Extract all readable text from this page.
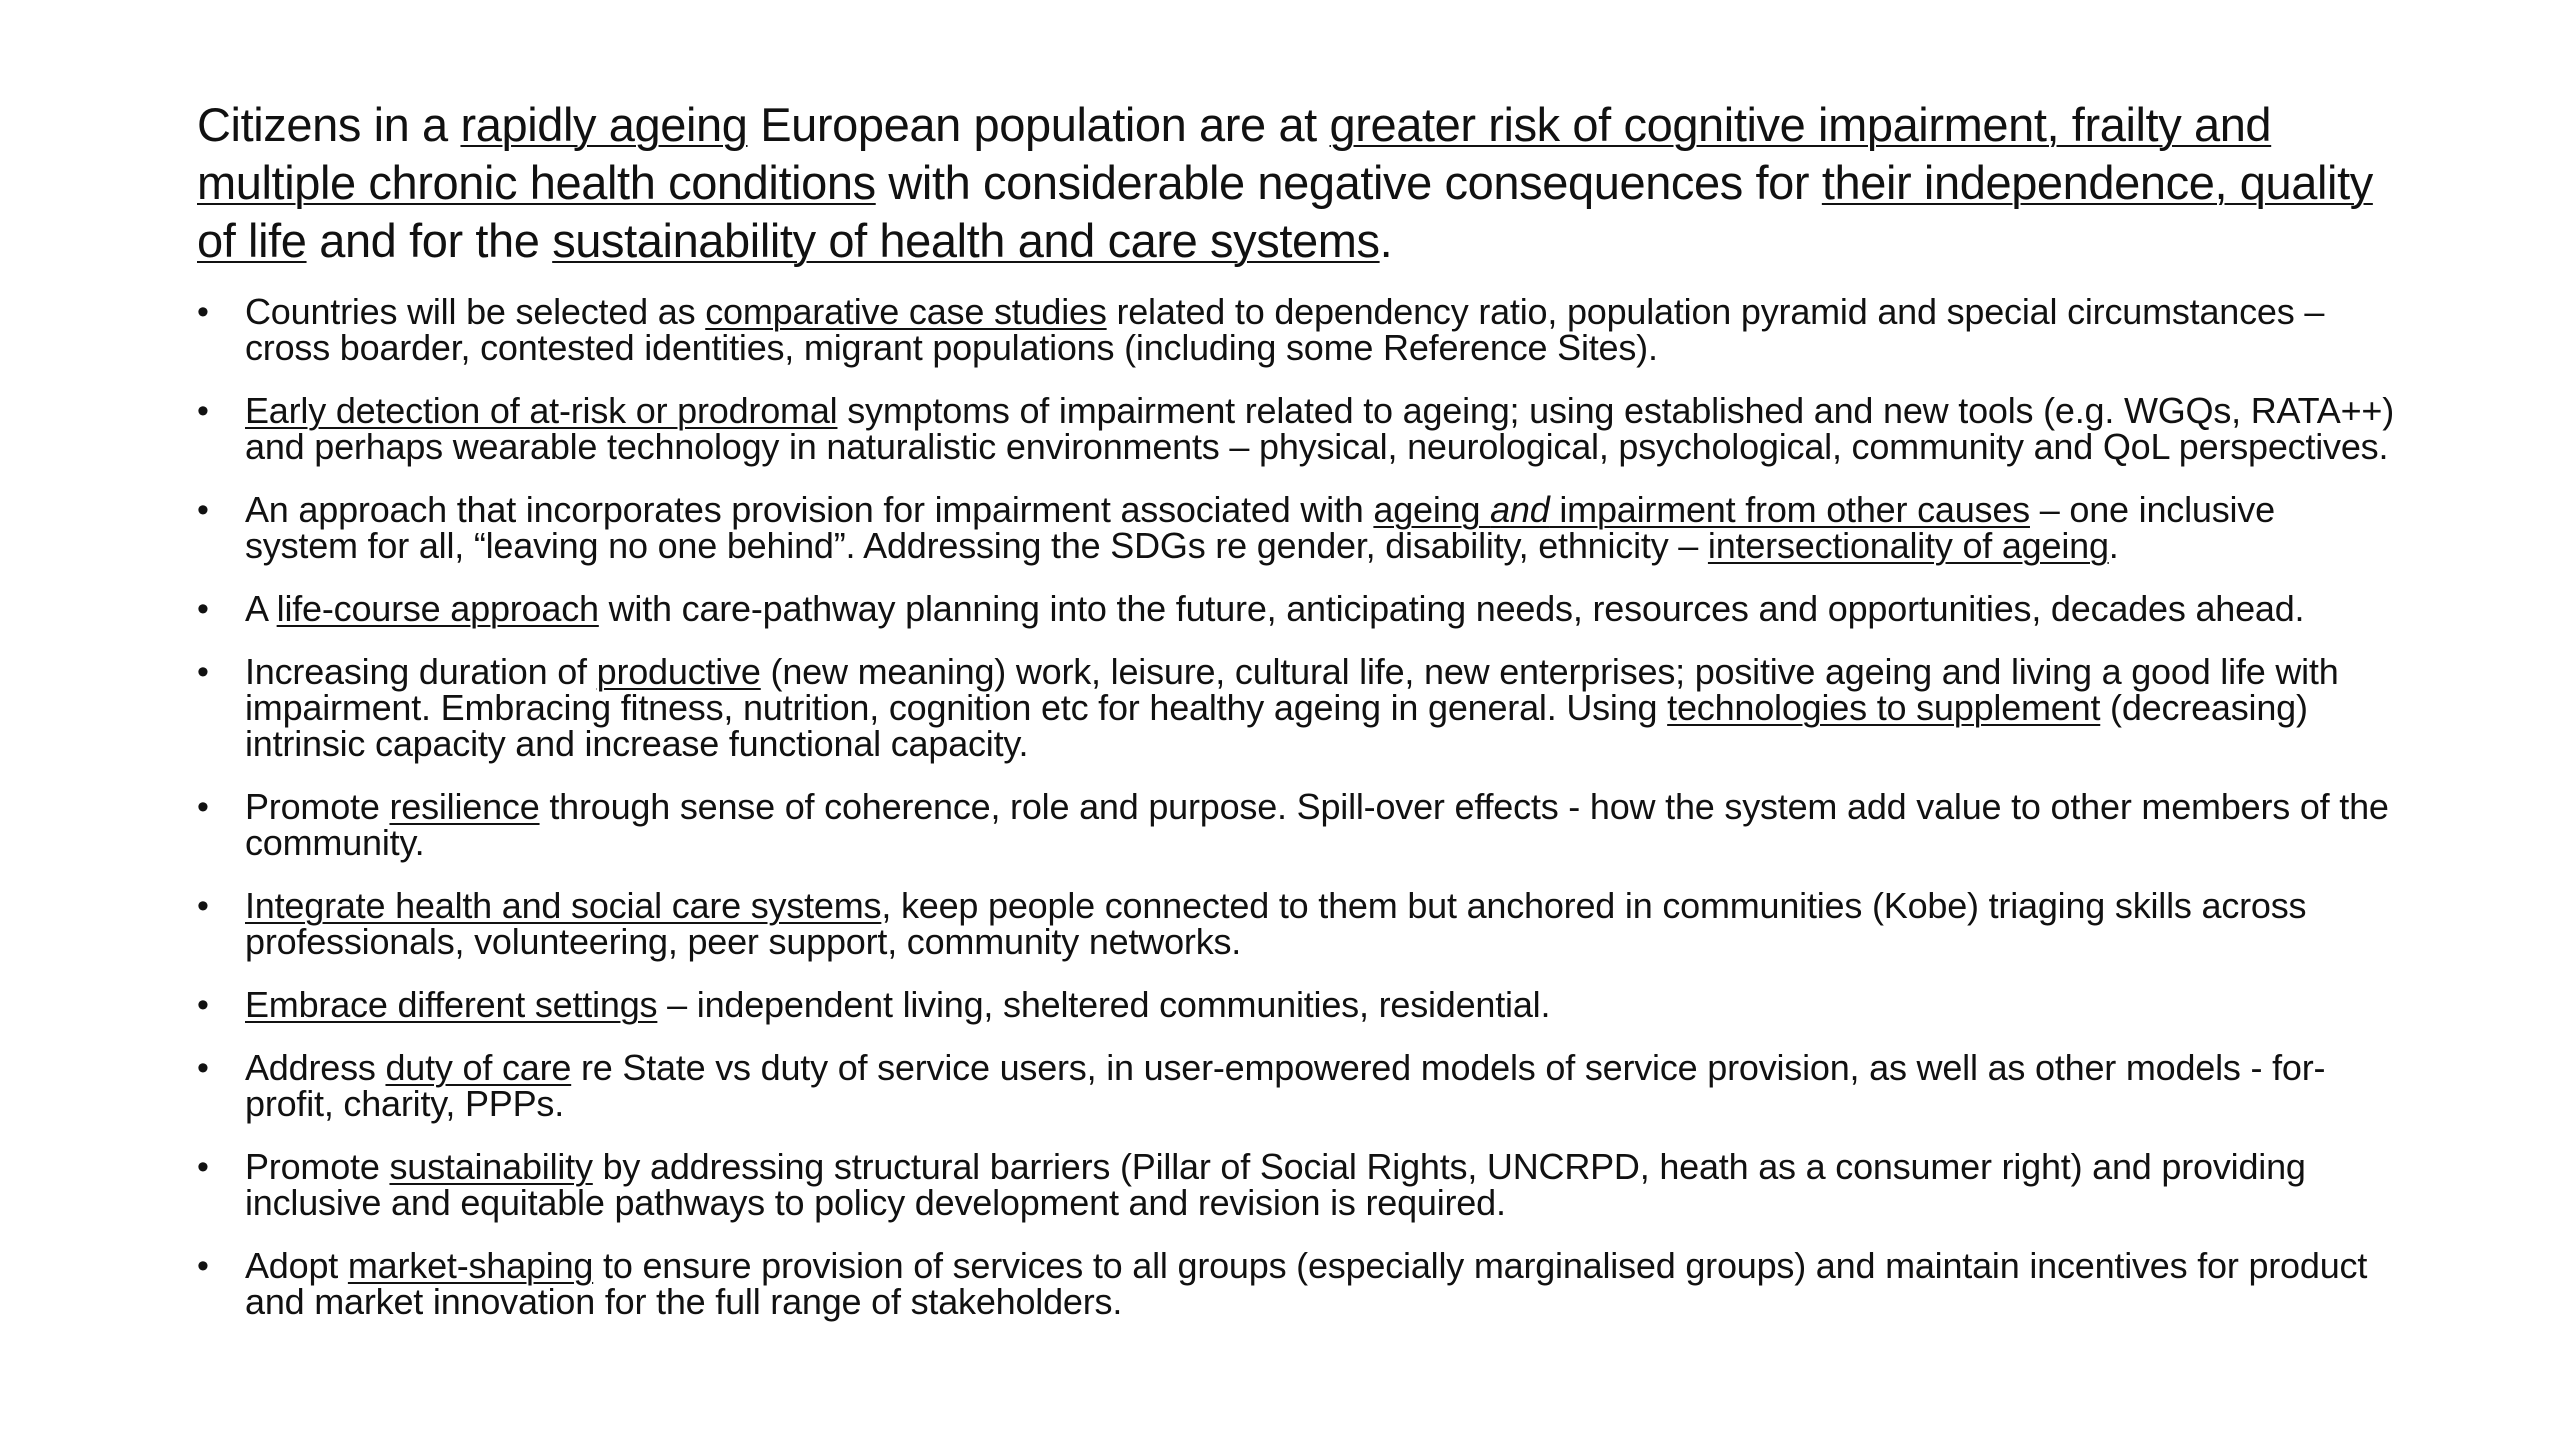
Citizens in a rapidly ageing European population are at greater risk of cognitive impairment, frailty and multiple chronic health conditions with considerable negative consequences for their independence, quality of life and for the sustainability of health and care systems.
•	Countries will be selected as comparative case studies related to dependency ratio, population pyramid and special circumstances – cross boarder, contested identities, migrant populations (including some Reference Sites).
•	Early detection of at-risk or prodromal symptoms of impairment related to ageing; using established and new tools (e.g. WGQs, RATA++) and perhaps wearable technology in naturalistic environments – physical, neurological, psychological, community and QoL perspectives.
•	An approach that incorporates provision for impairment associated with ageing and impairment from other causes – one inclusive system for all, “leaving no one behind”. Addressing the SDGs re gender, disability, ethnicity – intersectionality of ageing.
•	A life-course approach with care-pathway planning into the future, anticipating needs, resources and opportunities, decades ahead.
•	Increasing duration of productive (new meaning) work, leisure, cultural life, new enterprises; positive ageing and living a good life with impairment. Embracing fitness, nutrition, cognition etc for healthy ageing in general. Using technologies to supplement (decreasing) intrinsic capacity and increase functional capacity.
•	Promote resilience through sense of coherence, role and purpose. Spill-over effects - how the system add value to other members of the community.
•	Integrate health and social care systems, keep people connected to them but anchored in communities (Kobe) triaging skills across professionals, volunteering, peer support, community networks.
•	Embrace different settings – independent living, sheltered communities, residential.
•	Address duty of care re State vs duty of service users, in user-empowered models of service provision, as well as other models - for-profit, charity, PPPs.
•	Promote sustainability by addressing structural barriers (Pillar of Social Rights, UNCRPD, heath as a consumer right) and providing inclusive and equitable pathways to policy development and revision is required.
•	Adopt market-shaping to ensure provision of services to all groups (especially marginalised groups) and maintain incentives for product and market innovation for the full range of stakeholders.
